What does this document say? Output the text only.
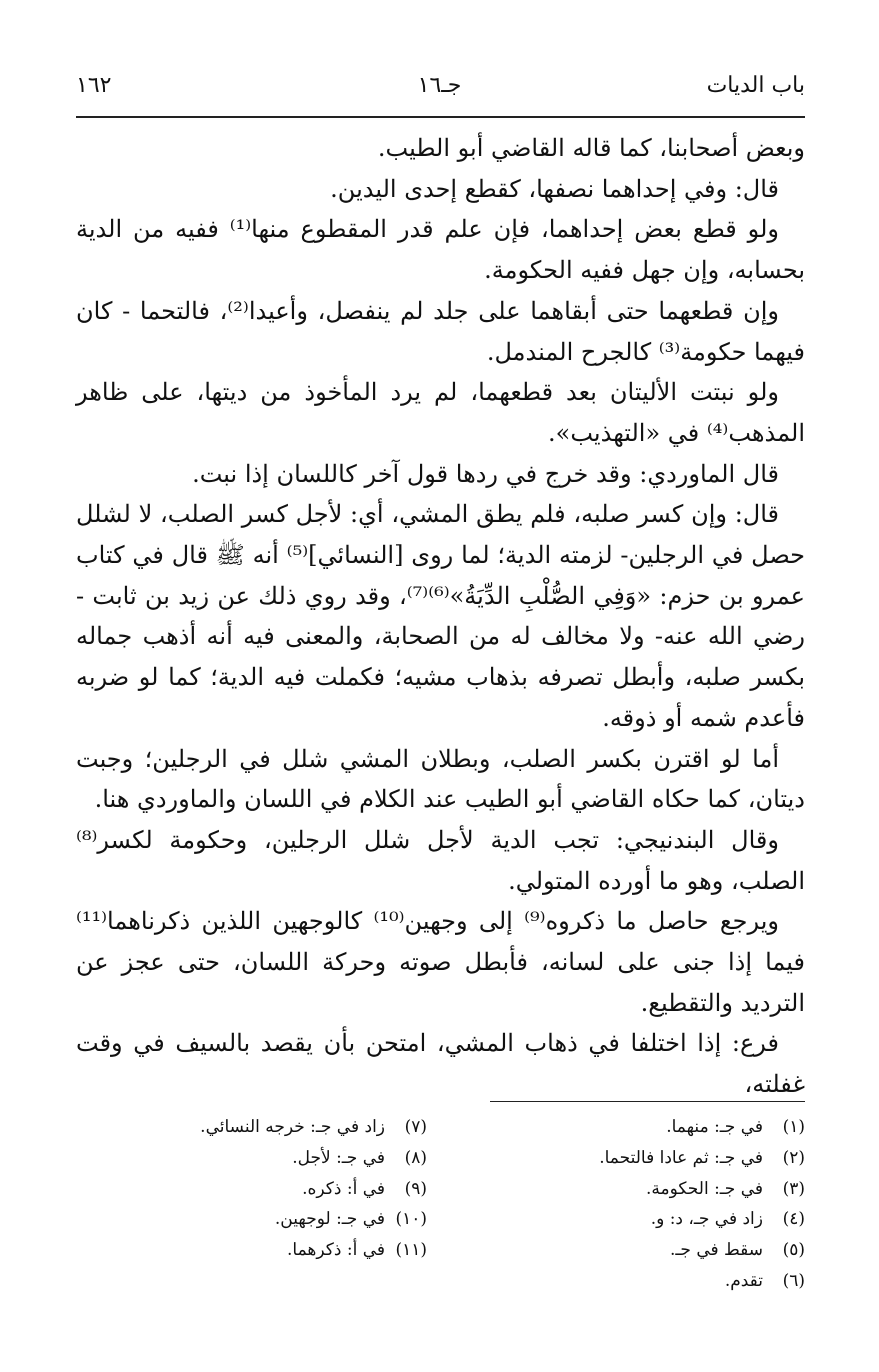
باب الديات
جـ١٦
١٦٢

وبعض أصحابنا، كما قاله القاضي أبو الطيب.

قال: وفي إحداهما نصفها، كقطع إحدى اليدين.

ولو قطع بعض إحداهما، فإن علم قدر المقطوع منها⁽¹⁾ ففيه من الدية بحسابه، وإن جهل ففيه الحكومة.

وإن قطعهما حتى أبقاهما على جلد لم ينفصل، وأعيدا⁽²⁾، فالتحما - كان فيهما حكومة⁽³⁾ كالجرح المندمل.

ولو نبتت الأليتان بعد قطعهما، لم يرد المأخوذ من ديتها، على ظاهر المذهب⁽⁴⁾ في «التهذيب».

قال الماوردي: وقد خرج في ردها قول آخر كاللسان إذا نبت.

قال: وإن كسر صلبه، فلم يطق المشي، أي: لأجل كسر الصلب، لا لشلل حصل في الرجلين- لزمته الدية؛ لما روى [النسائي]⁽⁵⁾ أنه ﷺ قال في كتاب عمرو بن حزم: «وَفِي الصُّلْبِ الدِّيَةُ»⁽⁶⁾⁽⁷⁾، وقد روي ذلك عن زيد بن ثابت - رضي الله عنه- ولا مخالف له من الصحابة، والمعنى فيه أنه أذهب جماله بكسر صلبه، وأبطل تصرفه بذهاب مشيه؛ فكملت فيه الدية؛ كما لو ضربه فأعدم شمه أو ذوقه.

أما لو اقترن بكسر الصلب، وبطلان المشي شلل في الرجلين؛ وجبت ديتان، كما حكاه القاضي أبو الطيب عند الكلام في اللسان والماوردي هنا.

وقال البندنيجي: تجب الدية لأجل شلل الرجلين، وحكومة لكسر⁽⁸⁾ الصلب، وهو ما أورده المتولي.

ويرجع حاصل ما ذكروه⁽⁹⁾ إلى وجهين⁽¹⁰⁾ كالوجهين اللذين ذكرناهما⁽¹¹⁾ فيما إذا جنى على لسانه، فأبطل صوته وحركة اللسان، حتى عجز عن الترديد والتقطيع.

فرع: إذا اختلفا في ذهاب المشي، امتحن بأن يقصد بالسيف في وقت غفلته،

(١)في جـ: منهما.
(٢)في جـ: ثم عادا فالتحما.
(٣)في جـ: الحكومة.
(٤)زاد في جـ، د: و.
(٥)سقط في جـ.
(٦)تقدم.
(٧)زاد في جـ: خرجه النسائي.
(٨)في جـ: لأجل.
(٩)في أ: ذكره.
(١٠)في جـ: لوجهين.
(١١)في أ: ذكرهما.
